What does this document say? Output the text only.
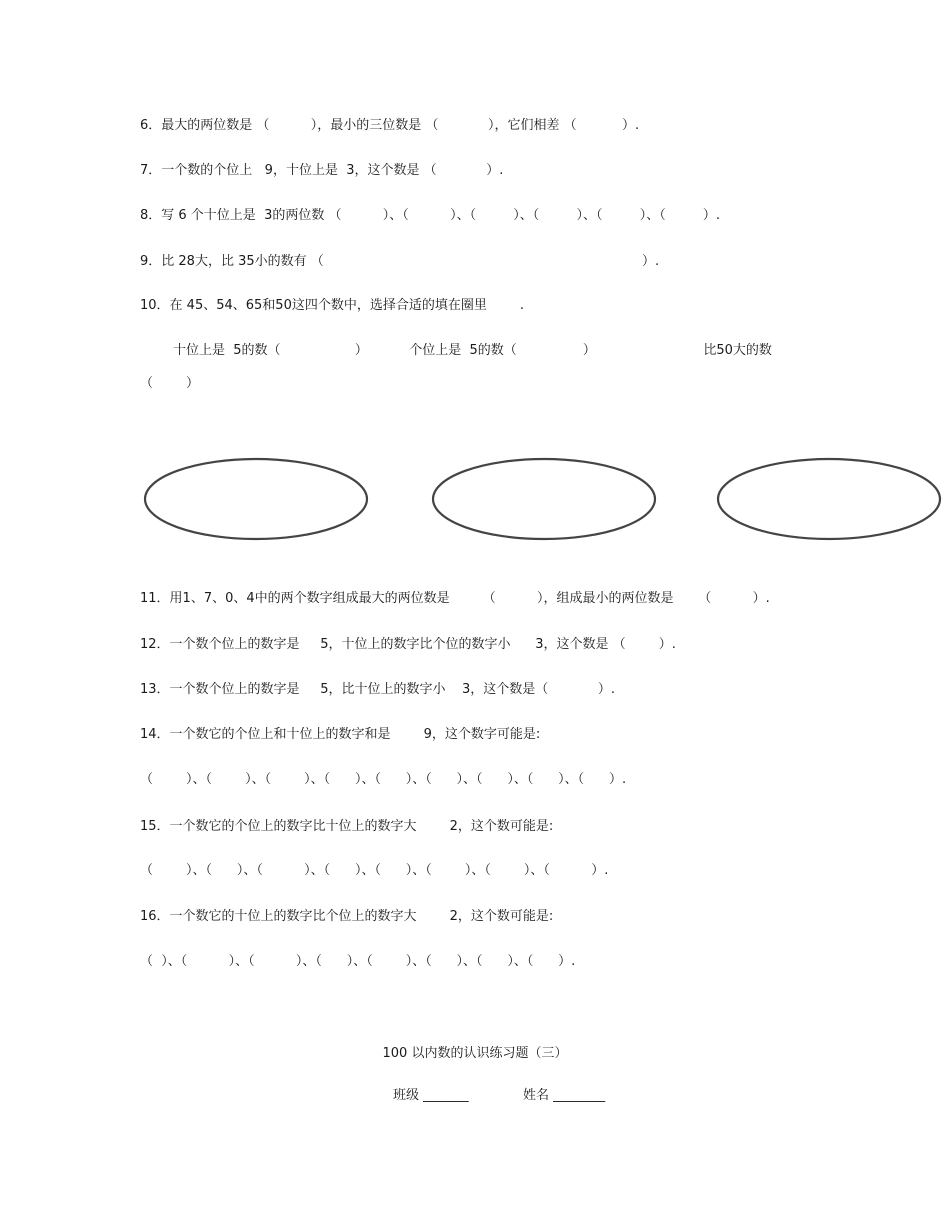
6．最大的两位数是 （          ），最小的三位数是 （            ），它们相差 （           ）.
7．一个数的个位上   9，十位上是  3，这个数是 （            ）.
8．写 6 个十位上是  3的两位数 （          ）、（          ）、（         ）、（         ）、（         ）、（         ）.
9．比 28大，比 35小的数有 （                                                                             ）.
10．在 45、54、65和50这四个数中，选择合适的填在圈里        .
十位上是  5的数（                  ）          个位上是  5的数（                ）                          比50大的数
（        ）
11．用1、7、0、4中的两个数字组成最大的两位数是        （          ），组成最小的两位数是      （          ）.
12．一个数个位上的数字是     5，十位上的数字比个位的数字小      3，这个数是 （        ）.
13．一个数个位上的数字是     5，比十位上的数字小    3，这个数是（            ）.
14．一个数它的个位上和十位上的数字和是        9，这个数字可能是:
（        ）、（        ）、（        ）、（      ）、（      ）、（      ）、（      ）、（      ）、（      ）.
15．一个数它的个位上的数字比十位上的数字大        2，这个数可能是:
（        ）、（      ）、（          ）、（      ）、（      ）、（        ）、（        ）、（          ）.
16．一个数它的十位上的数字比个位上的数字大        2，这个数可能是:
（  ）、（          ）、（          ）、（      ）、（        ）、（      ）、（      ）、（      ）.
100 以内数的认识练习题（三）
班级 _______	姓名 ________
